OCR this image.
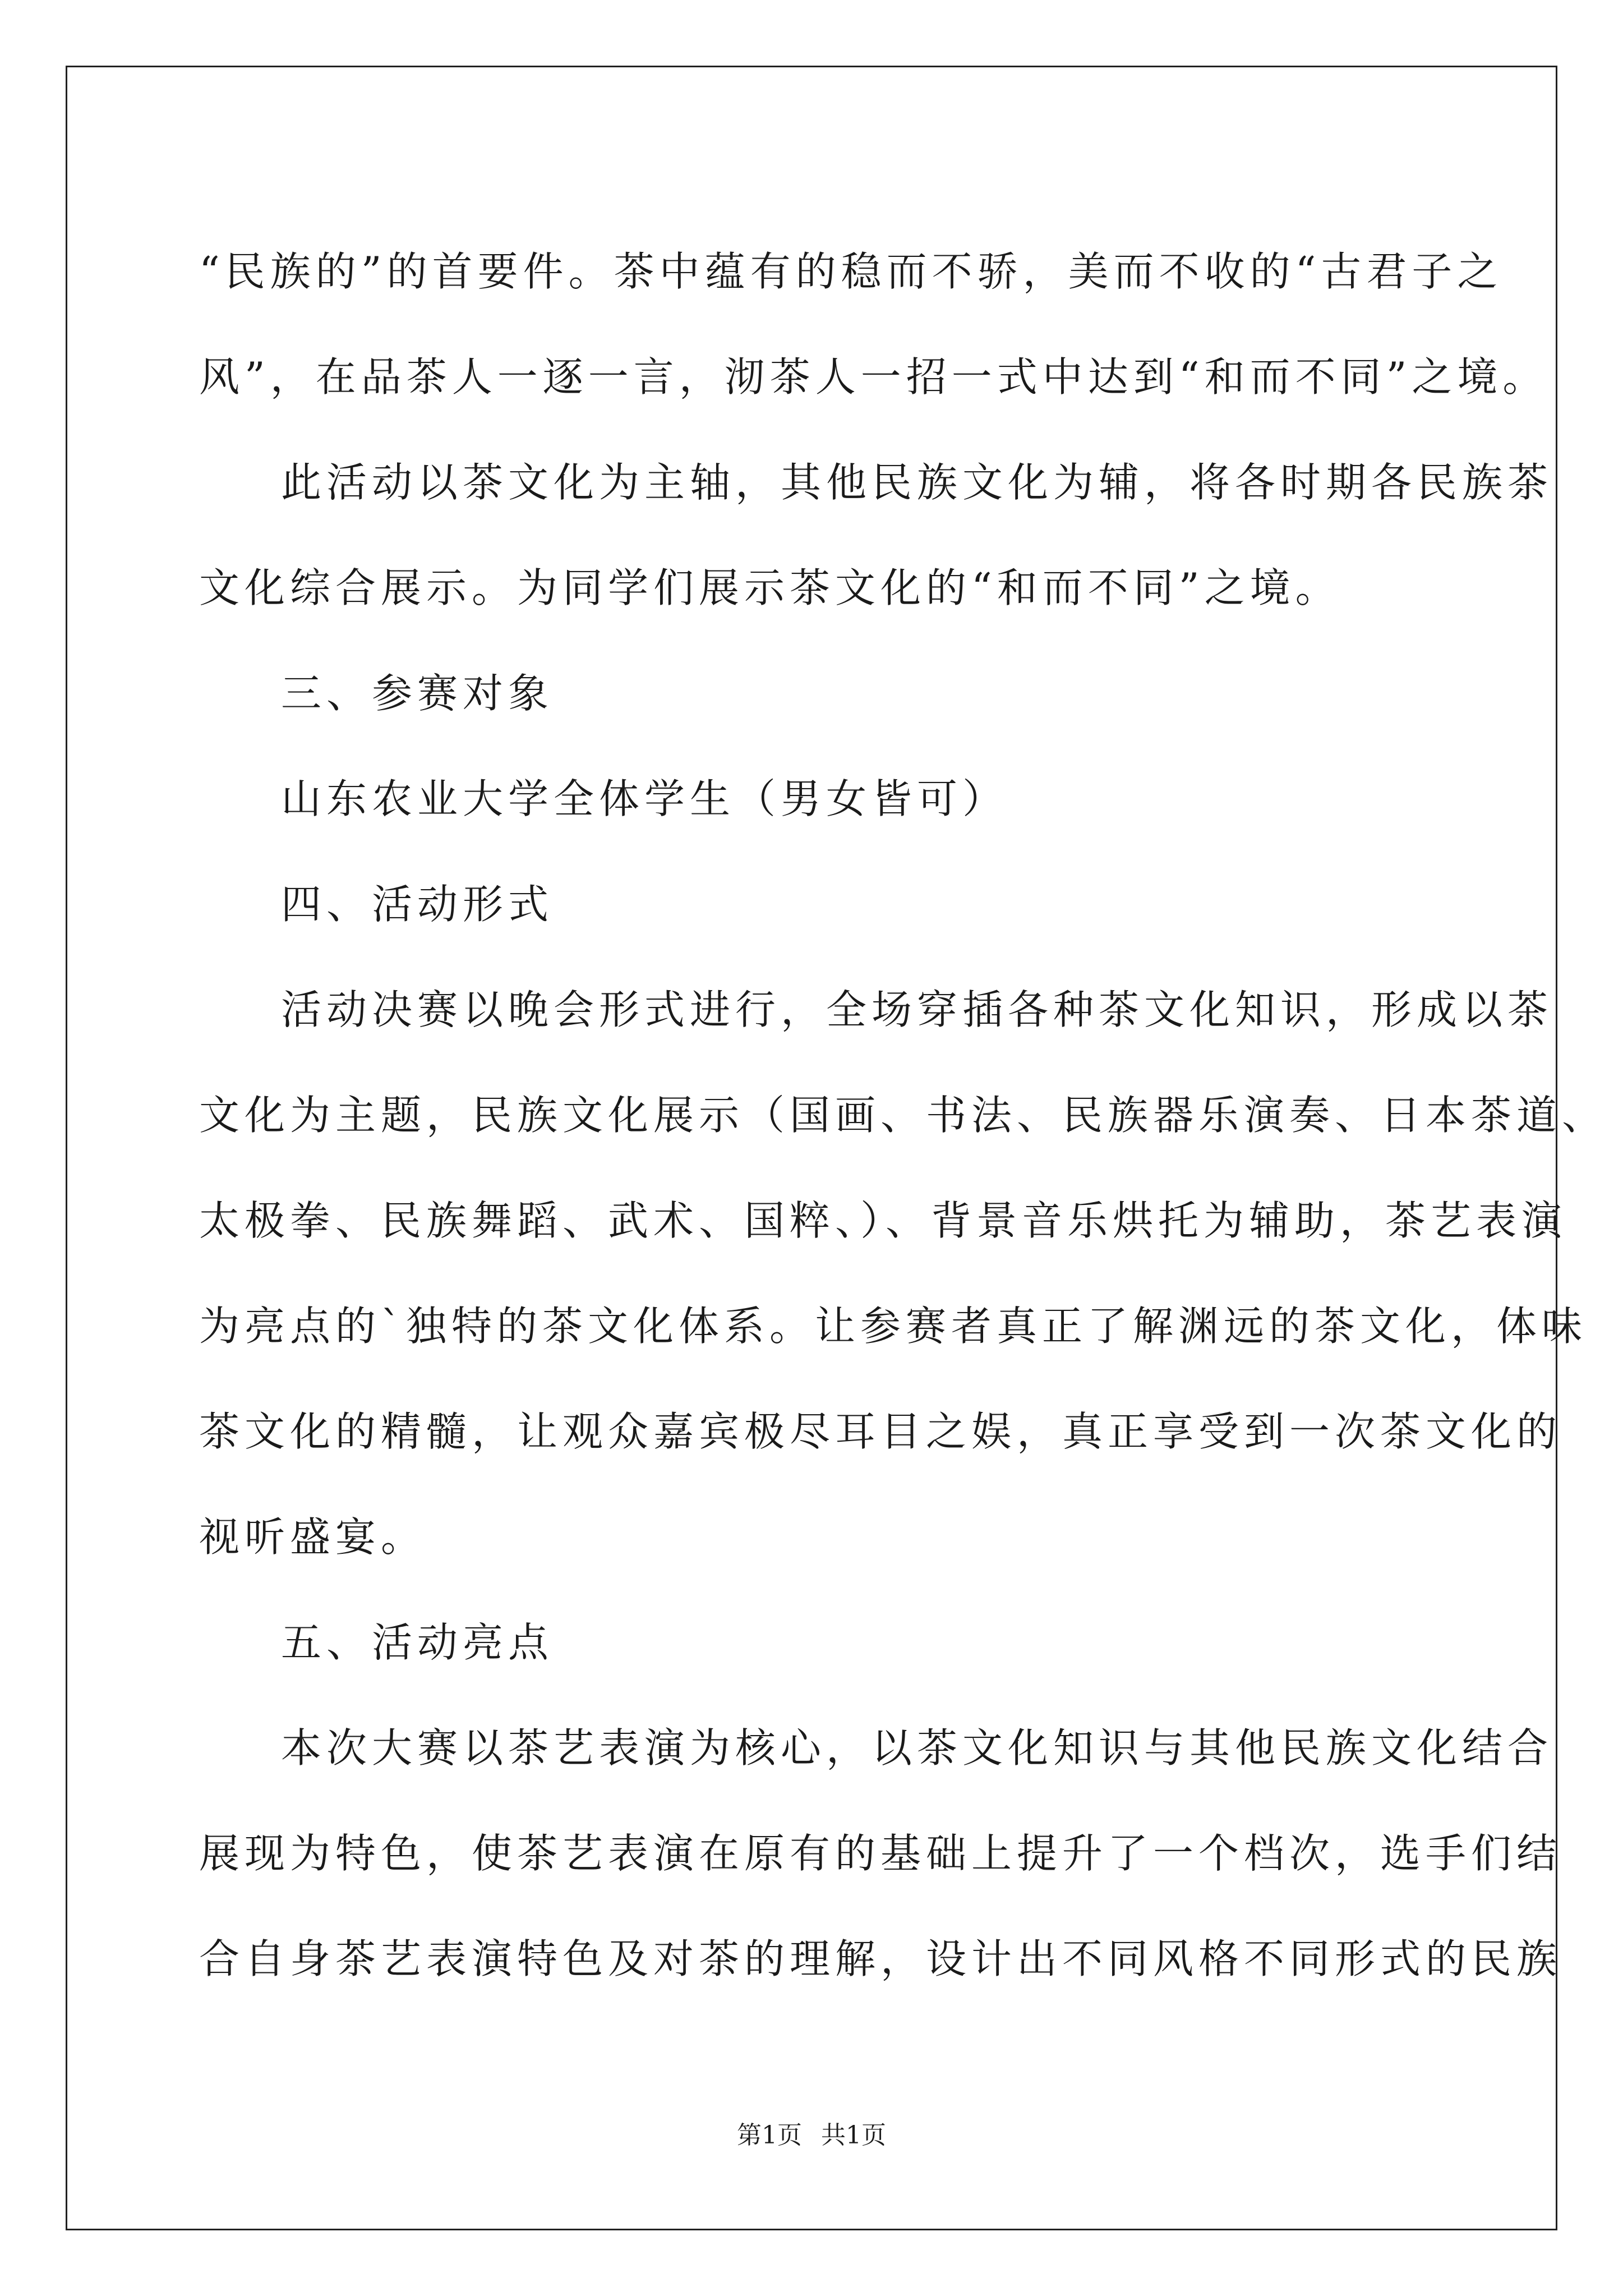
“民族的”的首要件。茶中蕴有的稳而不骄，美而不收的“古君子之

风”，在品茶人一逐一言，沏茶人一招一式中达到“和而不同”之境。

此活动以茶文化为主轴，其他民族文化为辅，将各时期各民族茶

文化综合展示。为同学们展示茶文化的“和而不同”之境。

三、参赛对象

山东农业大学全体学生（男女皆可）

四、活动形式

活动决赛以晚会形式进行，全场穿插各种茶文化知识，形成以茶

文化为主题，民族文化展示（国画、书法、民族器乐演奏、日本茶道、

太极拳、民族舞蹈、武术、国粹、）、背景音乐烘托为辅助，茶艺表演

为亮点的`独特的茶文化体系。让参赛者真正了解渊远的茶文化，体味

茶文化的精髓，让观众嘉宾极尽耳目之娱，真正享受到一次茶文化的

视听盛宴。

五、活动亮点

本次大赛以茶艺表演为核心，以茶文化知识与其他民族文化结合

展现为特色，使茶艺表演在原有的基础上提升了一个档次，选手们结

合自身茶艺表演特色及对茶的理解，设计出不同风格不同形式的民族

第1页 共1页
